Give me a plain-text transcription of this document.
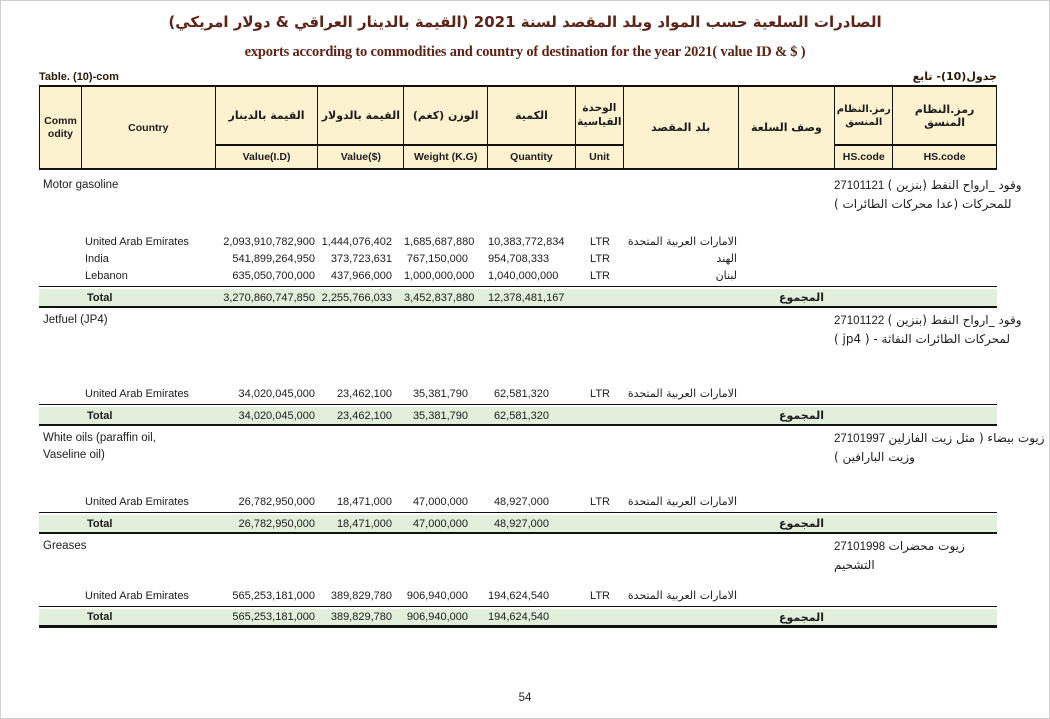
الصادرات السلعية حسب المواد وبلد المقصد لسنة 2021 (القيمة بالدينار العراقي & دولار امريكي)
exports according to commodities and country of destination for the year 2021( value ID & $ )
Table. (10)-com	جدول(10)- تابع
Commodity	Country
القيمة بالدينار
Value(I.D)
القيمة بالدولار
Value($)
الوزن (كغم)
Weight (K.G)
الكمية
Quantity
الوحدة القياسية
Unit
بلد المقصد	وصف السلعة
رمز.النظام المنسق
HS.code
رمز.النظام المنسق
HS.code
Motor gasoline	27101121 وقود _ارواح النفط (بنزين ) للمحركات (عدا محركات الطائرات )
United Arab Emirates	2,093,910,782,900 1,444,076,402	1,685,687,880	10,383,772,834	LTR	الامارات العربية المتحدة
India	541,899,264,950	373,723,631	767,150,000	954,708,333	LTR	الهند
Lebanon	635,050,700,000	437,966,000	1,000,000,000	1,040,000,000	LTR	لبنان
Total	3,270,860,747,850 2,255,766,033	3,452,837,880	12,378,481,167	المجموع
Jetfuel (JP4)	27101122 وقود _ارواح النفط (بنزين ) لمحركات الطائرات النفاثة - ( jp4 )
United Arab Emirates	34,020,045,000	23,462,100	35,381,790	62,581,320	LTR	الامارات العربية المتحدة
Total	34,020,045,000	23,462,100	35,381,790	62,581,320	المجموع
White oils (paraffin oil, Vaseline oil)
27101997 زيوت بيضاء ( مثل زيت الفازلين وزيت البارافين )
United Arab Emirates	26,782,950,000	18,471,000	47,000,000	48,927,000	LTR	الامارات العربية المتحدة
Total	26,782,950,000	18,471,000	47,000,000	48,927,000	المجموع
Greases	27101998 زيوت محضرات التشحيم
United Arab Emirates	565,253,181,000	389,829,780	906,940,000	194,624,540	LTR	الامارات العربية المتحدة
Total	565,253,181,000	389,829,780	906,940,000	194,624,540	المجموع
54
